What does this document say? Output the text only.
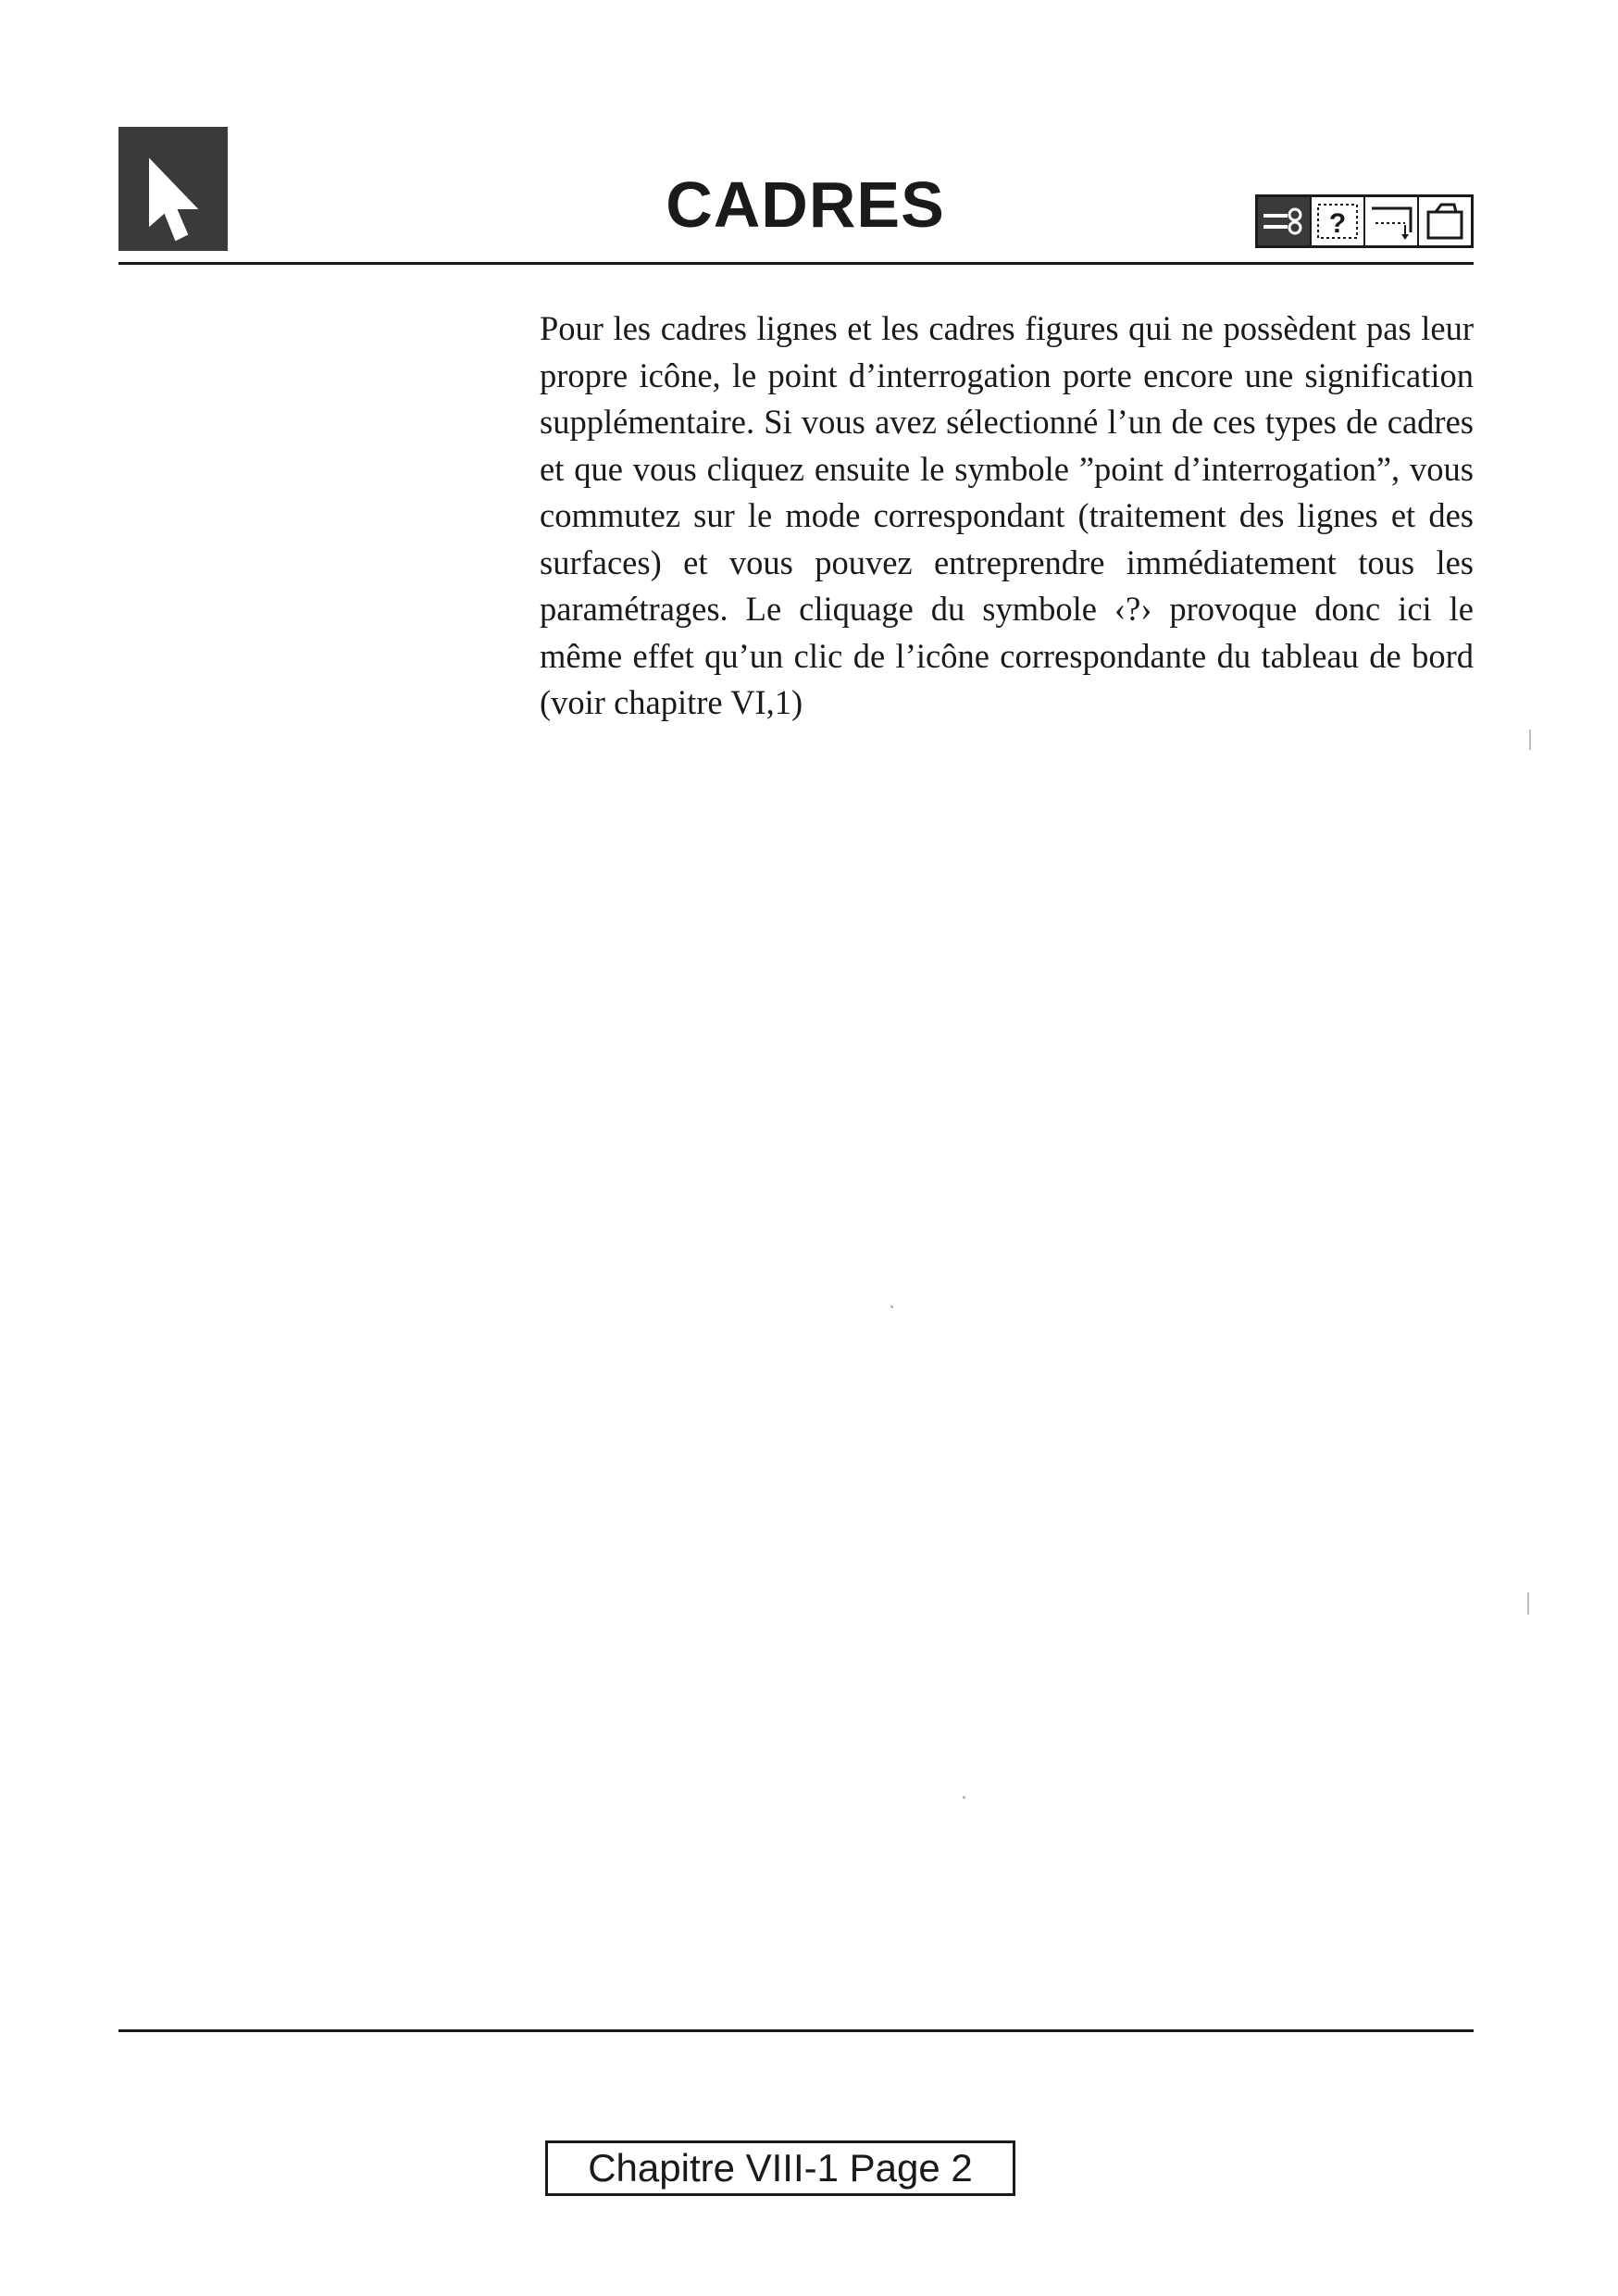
CADRES	?

Pour les cadres lignes et les cadres figures qui ne possèdent pas leur propre icône, le point d’interrogation porte encore une signification supplémentaire. Si vous avez sélectionné l’un de ces types de cadres et que vous cliquez ensuite le symbole ”point d’interrogation”, vous commutez sur le mode correspondant (traitement des lignes et des surfaces) et vous pouvez entreprendre immédiatement tous les paramétrages. Le cliquage du symbole ‹?› provoque donc ici le même effet qu’un clic de l’icône correspondante du tableau de bord (voir chapitre VI,1)

Chapitre VIII-1 Page 2
